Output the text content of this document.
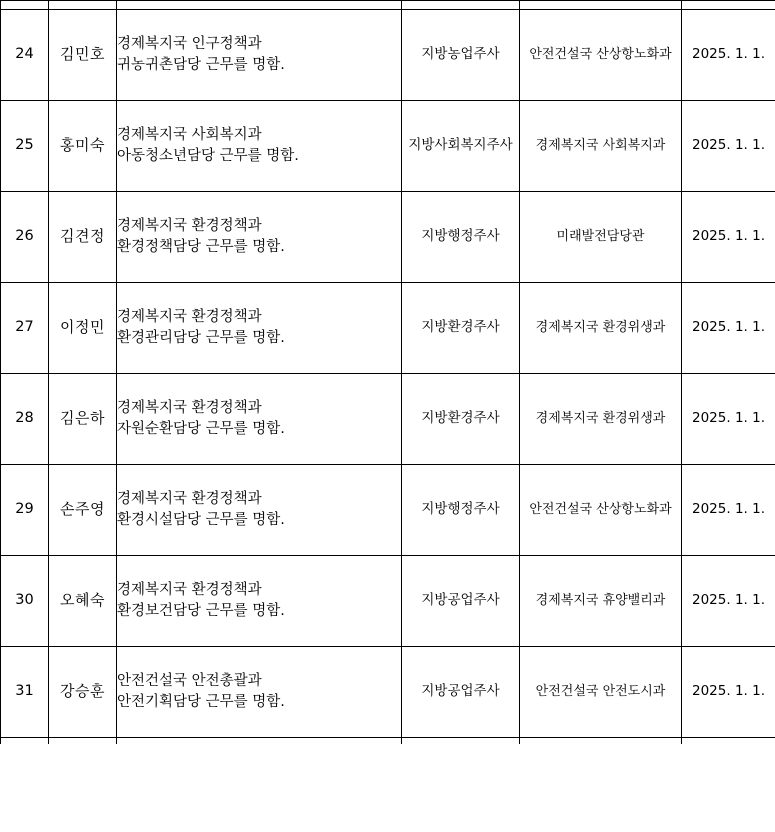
24	김민호	경제복지국 인구정책과
귀농귀촌담당 근무를 명함.	지방농업주사	안전건설국 산상항노화과	2025. 1. 1.
25	홍미숙	경제복지국 사회복지과
아동청소년담당 근무를 명함.	지방사회복지주사	경제복지국 사회복지과	2025. 1. 1.
26	김견정	경제복지국 환경정책과
환경정책담당 근무를 명함.	지방행정주사	미래발전담당관	2025. 1. 1.
27	이정민	경제복지국 환경정책과
환경관리담당 근무를 명함.	지방환경주사	경제복지국 환경위생과	2025. 1. 1.
28	김은하	경제복지국 환경정책과
자원순환담당 근무를 명함.	지방환경주사	경제복지국 환경위생과	2025. 1. 1.
29	손주영	경제복지국 환경정책과
환경시설담당 근무를 명함.	지방행정주사	안전건설국 산상항노화과	2025. 1. 1.
30	오혜숙	경제복지국 환경정책과
환경보건담당 근무를 명함.	지방공업주사	경제복지국 휴양밸리과	2025. 1. 1.
31	강승훈	안전건설국 안전총괄과
안전기획담당 근무를 명함.	지방공업주사	안전건설국 안전도시과	2025. 1. 1.
